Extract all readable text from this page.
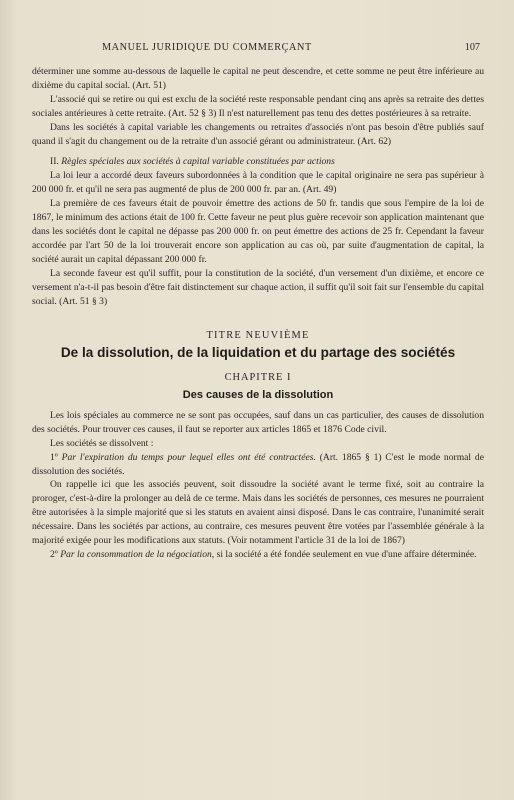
MANUEL JURIDIQUE DU COMMERÇANT	107

déterminer une somme au-dessous de laquelle le capital ne peut descendre, et cette somme ne peut être inférieure au dixième du capital social. (Art. 51)

L'associé qui se retire ou qui est exclu de la société reste responsable pendant cinq ans après sa retraite des dettes sociales antérieures à cette retraite. (Art. 52 § 3) Il n'est naturellement pas tenu des dettes postérieures à sa retraite.

Dans les sociétés à capital variable les changements ou retraites d'associés n'ont pas besoin d'être publiés sauf quand il s'agit du changement ou de la retraite d'un associé gérant ou administrateur. (Art. 62)

II. Règles spéciales aux sociétés à capital variable constituées par actions

La loi leur a accordé deux faveurs subordonnées à la condition que le capital originaire ne sera pas supérieur à 200 000 fr. et qu'il ne sera pas augmenté de plus de 200 000 fr. par an. (Art. 49)

La première de ces faveurs était de pouvoir émettre des actions de 50 fr. tandis que sous l'empire de la loi de 1867, le minimum des actions était de 100 fr. Cette faveur ne peut plus guère recevoir son application maintenant que dans les sociétés dont le capital ne dépasse pas 200 000 fr. on peut émettre des actions de 25 fr. Cependant la faveur accordée par l'art 50 de la loi trouverait encore son application au cas où, par suite d'augmentation de capital, la société aurait un capital dépassant 200 000 fr.

La seconde faveur est qu'il suffit, pour la constitution de la société, d'un versement d'un dixième, et encore ce versement n'a-t-il pas besoin d'être fait distinctement sur chaque action, il suffit qu'il soit fait sur l'ensemble du capital social. (Art. 51 § 3)

TITRE NEUVIÈME
De la dissolution, de la liquidation et du partage des sociétés
CHAPITRE I
Des causes de la dissolution

Les lois spéciales au commerce ne se sont pas occupées, sauf dans un cas particulier, des causes de dissolution des sociétés. Pour trouver ces causes, il faut se reporter aux articles 1865 et 1876 Code civil.

Les sociétés se dissolvent :

1º Par l'expiration du temps pour lequel elles ont été contractées. (Art. 1865 § 1) C'est le mode normal de dissolution des sociétés.

On rappelle ici que les associés peuvent, soit dissoudre la société avant le terme fixé, soit au contraire la proroger, c'est-à-dire la prolonger au delà de ce terme. Mais dans les sociétés de personnes, ces mesures ne pourraient être autorisées à la simple majorité que si les statuts en avaient ainsi disposé. Dans le cas contraire, l'unanimité serait nécessaire. Dans les sociétés par actions, au contraire, ces mesures peuvent être votées par l'assemblée générale à la majorité exigée pour les modifications aux statuts. (Voir notamment l'article 31 de la loi de 1867)

2º Par la consommation de la négociation, si la société a été fondée seulement en vue d'une affaire déterminée.
